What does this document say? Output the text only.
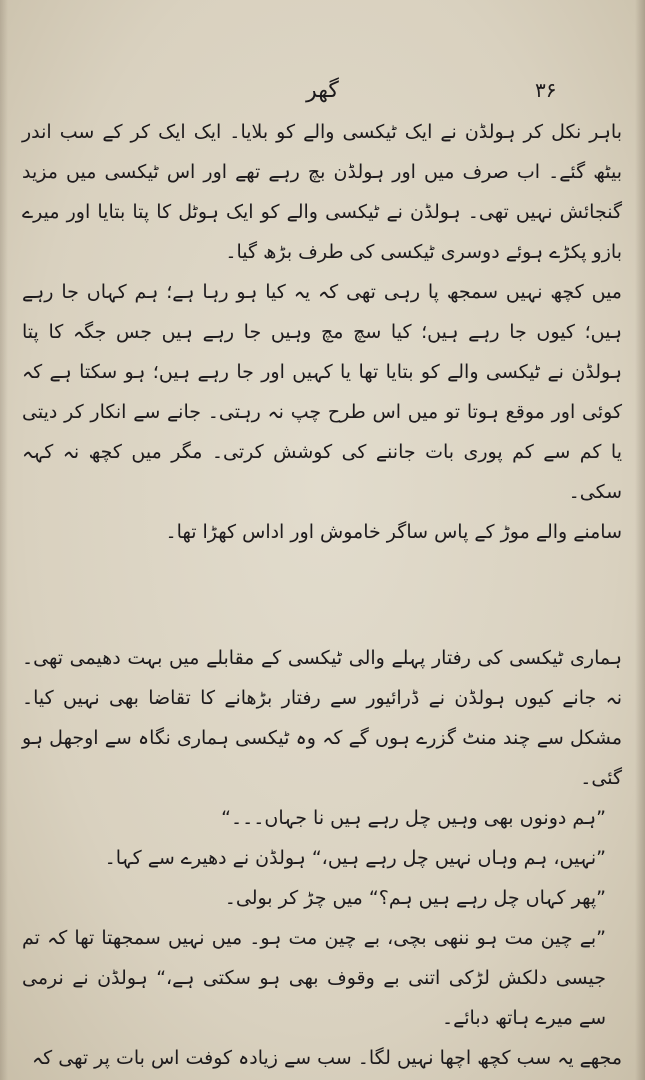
گھر	۳۶

باہر نکل کر ہولڈن نے ایک ٹیکسی والے کو بلایا۔ ایک ایک کر کے سب اندر بیٹھ گئے۔ اب صرف میں اور ہولڈن بچ رہے تھے اور اس ٹیکسی میں مزید گنجائش نہیں تھی۔ ہولڈن نے ٹیکسی والے کو ایک ہوٹل کا پتا بتایا اور میرے بازو پکڑے ہوئے دوسری ٹیکسی کی طرف بڑھ گیا۔

میں کچھ نہیں سمجھ پا رہی تھی کہ یہ کیا ہو رہا ہے؛ ہم کہاں جا رہے ہیں؛ کیوں جا رہے ہیں؛ کیا سچ مچ وہیں جا رہے ہیں جس جگہ کا پتا ہولڈن نے ٹیکسی والے کو بتایا تھا یا کہیں اور جا رہے ہیں؛ ہو سکتا ہے کہ کوئی اور موقع ہوتا تو میں اس طرح چپ نہ رہتی۔ جانے سے انکار کر دیتی یا کم سے کم پوری بات جاننے کی کوشش کرتی۔ مگر میں کچھ نہ کہہ سکی۔

سامنے والے موڑ کے پاس ساگر خاموش اور اداس کھڑا تھا۔

ہماری ٹیکسی کی رفتار پہلے والی ٹیکسی کے مقابلے میں بہت دھیمی تھی۔ نہ جانے کیوں ہولڈن نے ڈرائیور سے رفتار بڑھانے کا تقاضا بھی نہیں کیا۔ مشکل سے چند منٹ گزرے ہوں گے کہ وہ ٹیکسی ہماری نگاہ سے اوجھل ہو گئی۔

”ہم دونوں بھی وہیں چل رہے ہیں نا جہاں۔۔۔“

”نہیں، ہم وہاں نہیں چل رہے ہیں،“ ہولڈن نے دھیرے سے کہا۔

”پھر کہاں چل رہے ہیں ہم؟“ میں چڑ کر بولی۔

”بے چین مت ہو ننھی بچی، بے چین مت ہو۔ میں نہیں سمجھتا تھا کہ تم جیسی دلکش لڑکی اتنی بے وقوف بھی ہو سکتی ہے،“ ہولڈن نے نرمی سے میرے ہاتھ دبائے۔

مجھے یہ سب کچھ اچھا نہیں لگا۔ سب سے زیادہ کوفت اس بات پر تھی کہ
